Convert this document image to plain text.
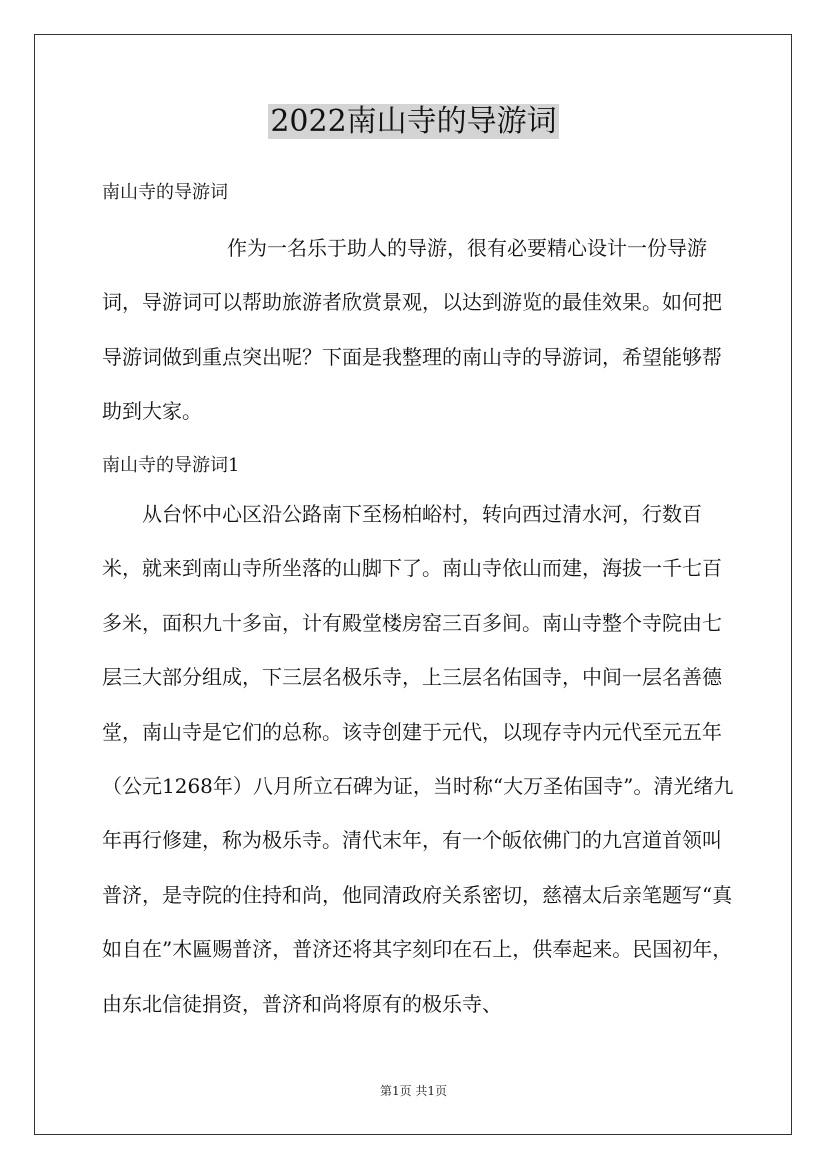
2022南山寺的导游词
南山寺的导游词

作为一名乐于助人的导游，很有必要精心设计一份导游词，导游词可以帮助旅游者欣赏景观，以达到游览的最佳效果。如何把导游词做到重点突出呢？下面是我整理的南山寺的导游词，希望能够帮助到大家。

南山寺的导游词1

从台怀中心区沿公路南下至杨柏峪村，转向西过清水河，行数百米，就来到南山寺所坐落的山脚下了。南山寺依山而建，海拔一千七百多米，面积九十多亩，计有殿堂楼房窑三百多间。南山寺整个寺院由七层三大部分组成，下三层名极乐寺，上三层名佑国寺，中间一层名善德堂，南山寺是它们的总称。该寺创建于元代，以现存寺内元代至元五年（公元1268年）八月所立石碑为证，当时称“大万圣佑国寺”。清光绪九年再行修建，称为极乐寺。清代末年，有一个皈依佛门的九宫道首领叫普济，是寺院的住持和尚，他同清政府关系密切，慈禧太后亲笔题写“真如自在”木匾赐普济，普济还将其字刻印在石上，供奉起来。民国初年，由东北信徒捐资，普济和尚将原有的极乐寺、

第1页 共1页
